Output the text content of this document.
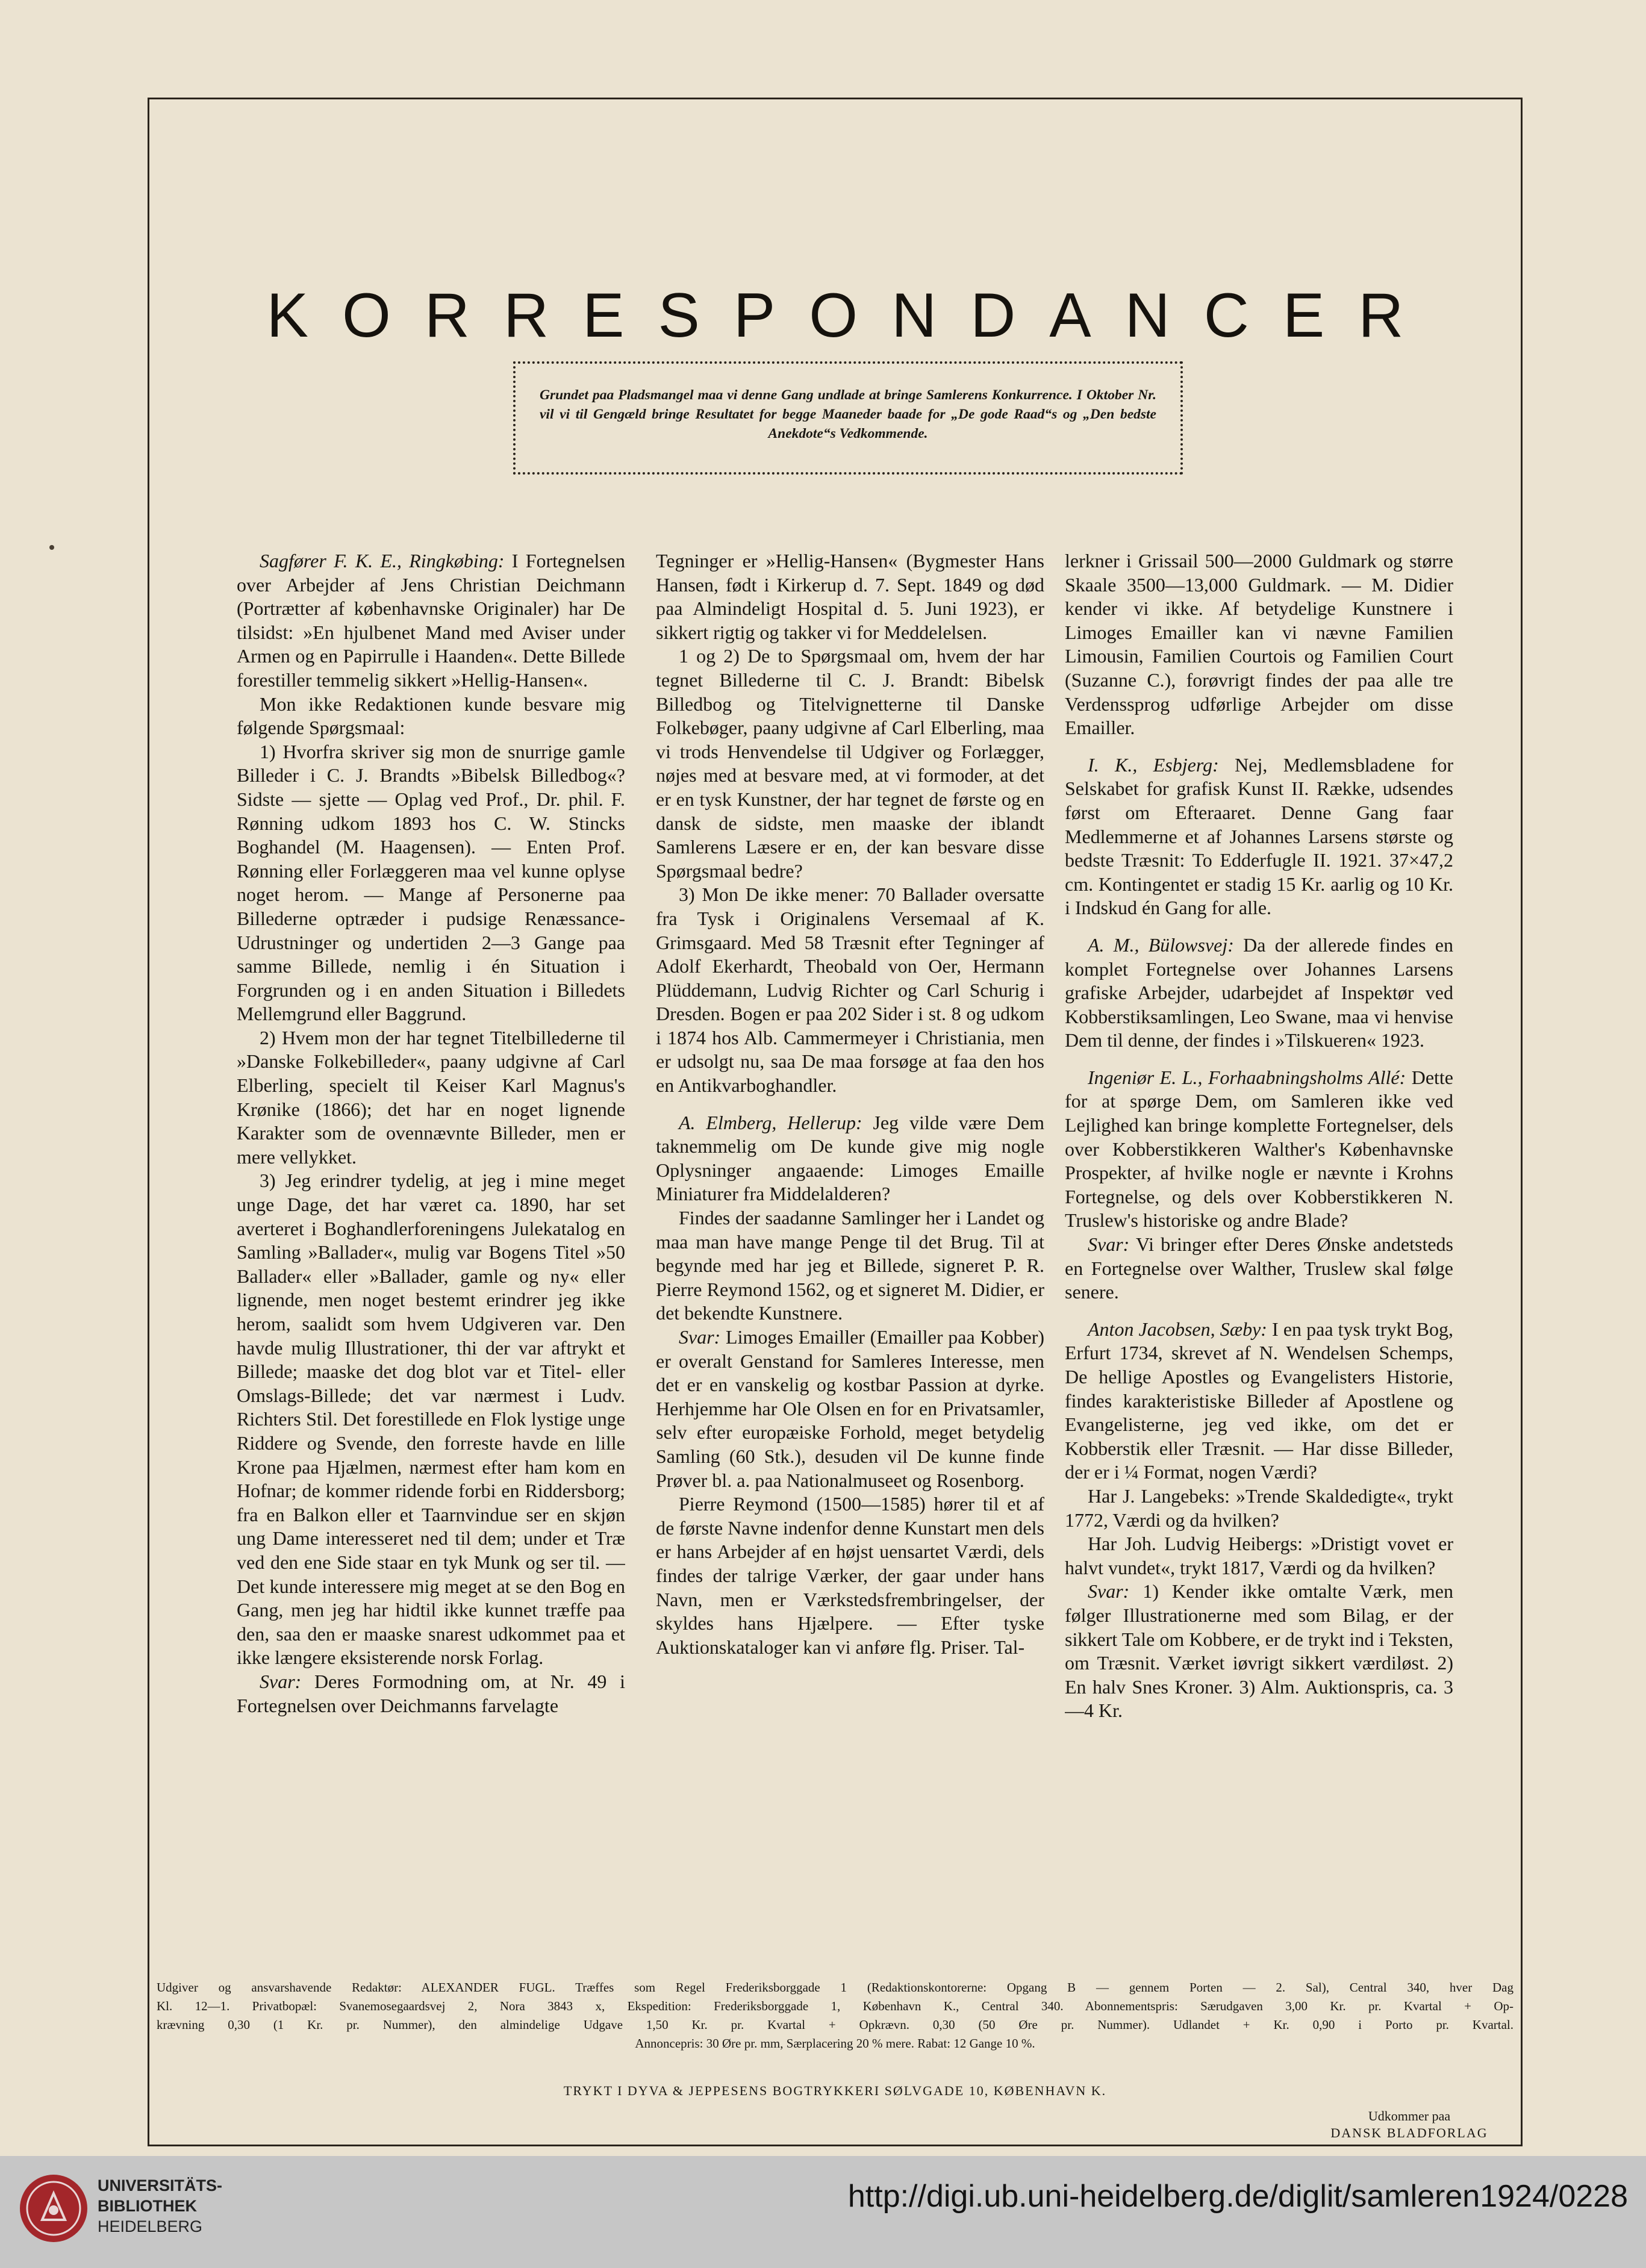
KORRESPONDANCER
Grundet paa Pladsmangel maa vi denne Gang undlade at bringe Samlerens Konkurrence. I Oktober Nr. vil vi til Gengæld bringe Resultatet for begge Maaneder baade for „De gode Raad“s og „Den bedste Anekdote“s Vedkommende.

Sagfører F. K. E., Ringkøbing: I Fortegnelsen over Arbejder af Jens Christian Deichmann (Portrætter af københavnske Originaler) har De tilsidst: »En hjulbenet Mand med Aviser under Armen og en Papirrulle i Haanden«. Dette Billede forestiller temmelig sikkert »Hellig-Hansen«.

Mon ikke Redaktionen kunde besvare mig følgende Spørgsmaal:

1) Hvorfra skriver sig mon de snurrige gamle Billeder i C. J. Brandts »Bibelsk Billedbog«? Sidste — sjette — Oplag ved Prof., Dr. phil. F. Rønning udkom 1893 hos C. W. Stincks Boghandel (M. Haagensen). — Enten Prof. Rønning eller Forlæggeren maa vel kunne oplyse noget herom. — Mange af Personerne paa Billederne optræder i pudsige Renæssance-Udrustninger og undertiden 2—3 Gange paa samme Billede, nemlig i én Situation i Forgrunden og i en anden Situation i Billedets Mellemgrund eller Baggrund.

2) Hvem mon der har tegnet Titelbillederne til »Danske Folkebilleder«, paany udgivne af Carl Elberling, specielt til Keiser Karl Magnus's Krønike (1866); det har en noget lignende Karakter som de ovennævnte Billeder, men er mere vellykket.

3) Jeg erindrer tydelig, at jeg i mine meget unge Dage, det har været ca. 1890, har set averteret i Boghandlerforeningens Julekatalog en Samling »Ballader«, mulig var Bogens Titel »50 Ballader« eller »Ballader, gamle og ny« eller lignende, men noget bestemt erindrer jeg ikke herom, saalidt som hvem Udgiveren var. Den havde mulig Illustrationer, thi der var aftrykt et Billede; maaske det dog blot var et Titel- eller Omslags-Billede; det var nærmest i Ludv. Richters Stil. Det forestillede en Flok lystige unge Riddere og Svende, den forreste havde en lille Krone paa Hjælmen, nærmest efter ham kom en Hofnar; de kommer ridende forbi en Riddersborg; fra en Balkon eller et Taarnvindue ser en skjøn ung Dame interesseret ned til dem; under et Træ ved den ene Side staar en tyk Munk og ser til. — Det kunde interessere mig meget at se den Bog en Gang, men jeg har hidtil ikke kunnet træffe paa den, saa den er maaske snarest udkommet paa et ikke længere eksisterende norsk Forlag.

Svar: Deres Formodning om, at Nr. 49 i Fortegnelsen over Deichmanns farvelagte

Tegninger er »Hellig-Hansen« (Bygmester Hans Hansen, født i Kirkerup d. 7. Sept. 1849 og død paa Almindeligt Hospital d. 5. Juni 1923), er sikkert rigtig og takker vi for Meddelelsen.

1 og 2) De to Spørgsmaal om, hvem der har tegnet Billederne til C. J. Brandt: Bibelsk Billedbog og Titelvignetterne til Danske Folkebøger, paany udgivne af Carl Elberling, maa vi trods Henvendelse til Udgiver og Forlægger, nøjes med at besvare med, at vi formoder, at det er en tysk Kunstner, der har tegnet de første og en dansk de sidste, men maaske der iblandt Samlerens Læsere er en, der kan besvare disse Spørgsmaal bedre?

3) Mon De ikke mener: 70 Ballader oversatte fra Tysk i Originalens Versemaal af K. Grimsgaard. Med 58 Træsnit efter Tegninger af Adolf Ekerhardt, Theobald von Oer, Hermann Plüddemann, Ludvig Richter og Carl Schurig i Dresden. Bogen er paa 202 Sider i st. 8 og udkom i 1874 hos Alb. Cammermeyer i Christiania, men er udsolgt nu, saa De maa forsøge at faa den hos en Antikvarboghandler.

A. Elmberg, Hellerup: Jeg vilde være Dem taknemmelig om De kunde give mig nogle Oplysninger angaaende: Limoges Emaille Miniaturer fra Middelalderen?

Findes der saadanne Samlinger her i Landet og maa man have mange Penge til det Brug. Til at begynde med har jeg et Billede, signeret P. R. Pierre Reymond 1562, og et signeret M. Didier, er det bekendte Kunstnere.

Svar: Limoges Emailler (Emailler paa Kobber) er overalt Genstand for Samleres Interesse, men det er en vanskelig og kostbar Passion at dyrke. Herhjemme har Ole Olsen en for en Privatsamler, selv efter europæiske Forhold, meget betydelig Samling (60 Stk.), desuden vil De kunne finde Prøver bl. a. paa Nationalmuseet og Rosenborg.

Pierre Reymond (1500—1585) hører til et af de første Navne indenfor denne Kunstart men dels er hans Arbejder af en højst uensartet Værdi, dels findes der talrige Værker, der gaar under hans Navn, men er Værkstedsfrembringelser, der skyldes hans Hjælpere. — Efter tyske Auktionskataloger kan vi anføre flg. Priser. Tal-

lerkner i Grissail 500—2000 Guldmark og større Skaale 3500—13,000 Guldmark. — M. Didier kender vi ikke. Af betydelige Kunstnere i Limoges Emailler kan vi nævne Familien Limousin, Familien Courtois og Familien Court (Suzanne C.), forøvrigt findes der paa alle tre Verdenssprog udførlige Arbejder om disse Emailler.

I. K., Esbjerg: Nej, Medlemsbladene for Selskabet for grafisk Kunst II. Række, udsendes først om Efteraaret. Denne Gang faar Medlemmerne et af Johannes Larsens største og bedste Træsnit: To Edderfugle II. 1921. 37×47,2 cm. Kontingentet er stadig 15 Kr. aarlig og 10 Kr. i Indskud én Gang for alle.

A. M., Bülowsvej: Da der allerede findes en komplet Fortegnelse over Johannes Larsens grafiske Arbejder, udarbejdet af Inspektør ved Kobberstiksamlingen, Leo Swane, maa vi henvise Dem til denne, der findes i »Tilskueren« 1923.

Ingeniør E. L., Forhaabningsholms Allé: Dette for at spørge Dem, om Samleren ikke ved Lejlighed kan bringe komplette Fortegnelser, dels over Kobberstikkeren Walther's Københavnske Prospekter, af hvilke nogle er nævnte i Krohns Fortegnelse, og dels over Kobberstikkeren N. Truslew's historiske og andre Blade?

Svar: Vi bringer efter Deres Ønske andetsteds en Fortegnelse over Walther, Truslew skal følge senere.

Anton Jacobsen, Sæby: I en paa tysk trykt Bog, Erfurt 1734, skrevet af N. Wendelsen Schemps, De hellige Apostles og Evangelisters Historie, findes karakteristiske Billeder af Apostlene og Evangelisterne, jeg ved ikke, om det er Kobberstik eller Træsnit. — Har disse Billeder, der er i ¼ Format, nogen Værdi?

Har J. Langebeks: »Trende Skaldedigte«, trykt 1772, Værdi og da hvilken?

Har Joh. Ludvig Heibergs: »Dristigt vovet er halvt vundet«, trykt 1817, Værdi og da hvilken?

Svar: 1) Kender ikke omtalte Værk, men følger Illustrationerne med som Bilag, er der sikkert Tale om Kobbere, er de trykt ind i Teksten, om Træsnit. Værket iøvrigt sikkert værdiløst. 2) En halv Snes Kroner. 3) Alm. Auktionspris, ca. 3—4 Kr.

Udgiver og ansvarshavende Redaktør: ALEXANDER FUGL. Træffes som Regel Frederiksborggade 1 (Redaktionskontorerne: Opgang B — gennem Porten — 2. Sal), Central 340, hver Dag
Kl. 12—1. Privatbopæl: Svanemosegaardsvej 2, Nora 3843 x, Ekspedition: Frederiksborggade 1, København K., Central 340. Abonnementspris: Særudgaven 3,00 Kr. pr. Kvartal + Op-
krævning 0,30 (1 Kr. pr. Nummer), den almindelige Udgave 1,50 Kr. pr. Kvartal + Opkrævn. 0,30 (50 Øre pr. Nummer). Udlandet + Kr. 0,90 i Porto pr. Kvartal.
Annoncepris: 30 Øre pr. mm, Særplacering 20 % mere. Rabat: 12 Gange 10 %.
TRYKT I DYVA & JEPPESENS BOGTRYKKERI SØLVGADE 10, KØBENHAVN K.
Udkommer paa
DANSK BLADFORLAG
UNIVERSITÄTS-
BIBLIOTHEK
HEIDELBERG
http://digi.ub.uni-heidelberg.de/diglit/samleren1924/0228
